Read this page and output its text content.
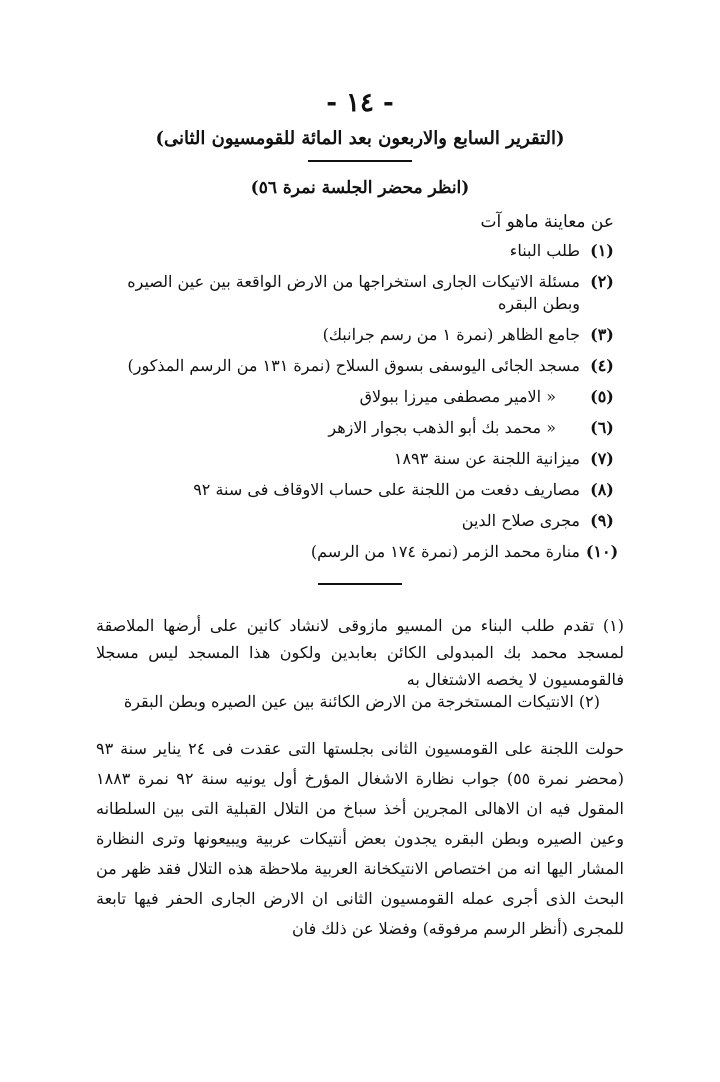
- ١٤ -
(التقرير السابع والاربعون بعد المائة للقومسيون الثانى)
(انظر محضر الجلسة نمرة ٥٦)
عن معاينة ماهو آت
(١)
طلب البناء
(٢)
مسئلة الاتيكات الجارى استخراجها من الارض الواقعة بين عين الصيره وبطن البقره
(٣)
جامع الظاهر (نمرة ١ من رسم جرانبك)
(٤)
مسجد الجائى اليوسفى بسوق السلاح (نمرة ١٣١ من الرسم المذكور)
(٥)
« الامير مصطفى ميرزا ببولاق
(٦)
« محمد بك أبو الذهب بجوار الازهر
(٧)
ميزانية اللجنة عن سنة ١٨٩٣
(٨)
مصاريف دفعت من اللجنة على حساب الاوقاف فى سنة ٩٢
(٩)
مجرى صلاح الدين
(١٠)
منارة محمد الزمر (نمرة ١٧٤ من الرسم)

(١) تقدم طلب البناء من المسيو مازوقى لانشاد كانين على أرضها الملاصقة لمسجد محمد بك المبدولى الكائن بعابدين ولكون هذا المسجد ليس مسجلا فالقومسيون لا يخصه الاشتغال به

(٢) الانتيكات المستخرجة من الارض الكائنة بين عين الصيره وبطن البقرة

حولت اللجنة على القومسيون الثانى بجلستها التى عقدت فى ٢٤ يناير سنة ٩٣ (محضر نمرة ٥٥) جواب نظارة الاشغال المؤرخ أول يونيه سنة ٩٢ نمرة ١٨٨٣ المقول فيه ان الاهالى المجرين أخذ سباخ من التلال القبلية التى بين السلطانه وعين الصيره وبطن البقره يجدون بعض أنتيكات عربية ويبيعونها وترى النظارة المشار اليها انه من اختصاص الانتيكخانة العربية ملاحظة هذه التلال فقد ظهر من البحث الذى أجرى عمله القومسيون الثانى ان الارض الجارى الحفر فيها تابعة للمجرى (أنظر الرسم مرفوقه) وفضلا عن ذلك فان
